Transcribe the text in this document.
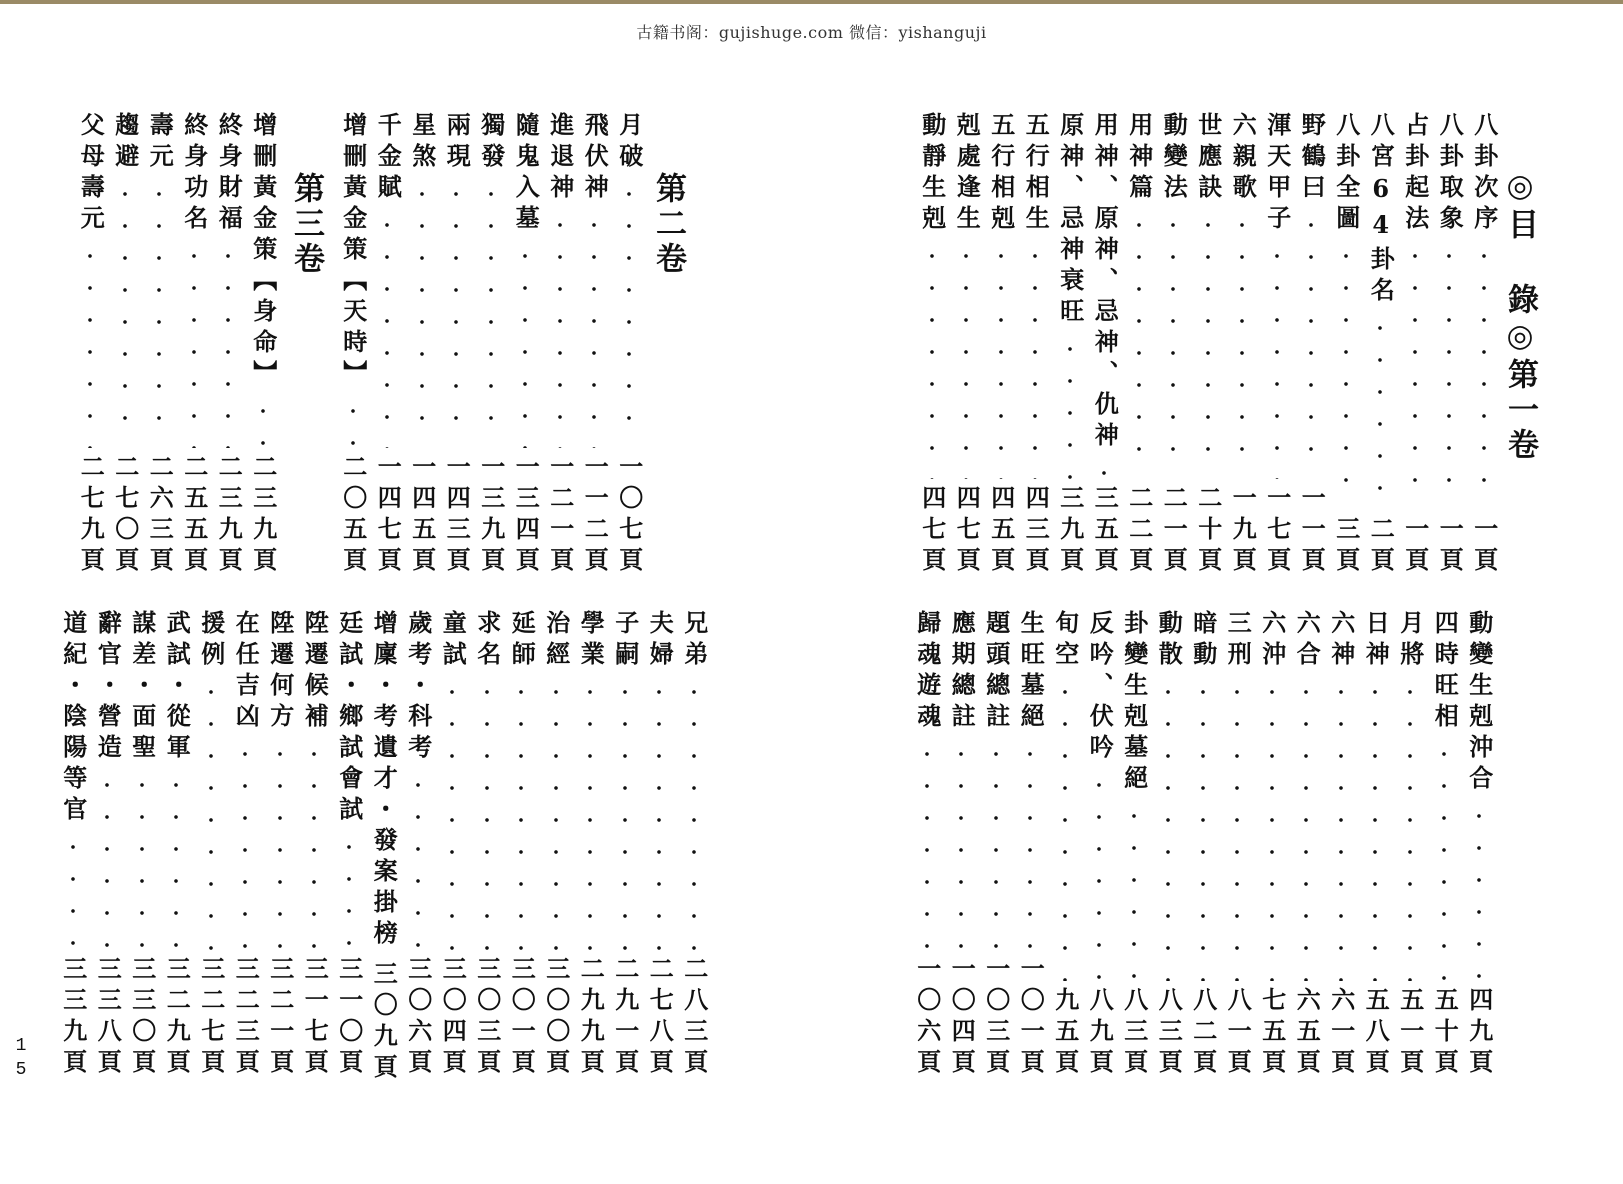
古籍书阁：gujishuge.com 微信：yishanguji
◎目 錄◎第一卷
八卦次序
一頁
八卦取象
一頁
占卦起法
一頁
八宮64卦名
二頁
八卦全圖
三頁
野鶴曰
一一頁
渾天甲子
一七頁
六親歌
一九頁
世應訣
二十頁
動變法
二一頁
用神篇
二二頁
用神、原神、忌神、仇神
三五頁
原神、忌神衰旺
三九頁
五行相生
四三頁
五行相剋
四五頁
剋處逢生
四七頁
動靜生剋
四七頁
動變生剋沖合
四九頁
四時旺相
五十頁
月將
五一頁
日神
五八頁
六神
六一頁
六合
六五頁
六沖
七五頁
三刑
八一頁
暗動
八二頁
動散
八三頁
卦變生剋墓絕
八三頁
反吟、伏吟
八九頁
旬空
九五頁
生旺墓絕
一〇一頁
題頭總註
一〇三頁
應期總註
一〇四頁
歸魂遊魂
一〇六頁
第二卷
月破
一〇七頁
飛伏神
一一二頁
進退神
一二一頁
隨鬼入墓
一三四頁
獨發
一三九頁
兩現
一四三頁
星煞
一四五頁
千金賦
一四七頁
增刪黃金策【天時】
二〇五頁
第三卷
增刪黃金策【身命】
二三九頁
終身財福
二三九頁
終身功名
二五五頁
壽元
二六三頁
趨避
二七〇頁
父母壽元
二七九頁
兄弟
二八三頁
夫婦
二七八頁
子嗣
二九一頁
學業
二九九頁
治經
三〇〇頁
延師
三〇一頁
求名
三〇三頁
童試
三〇四頁
歲考・科考
三〇六頁
增廩・考遺才・發案掛榜
三〇九頁
廷試・鄉試會試
三一〇頁
陞遷候補
三一七頁
陞遷何方
三二一頁
在任吉凶
三二三頁
援例
三二七頁
武試・從軍
三二九頁
謀差・面聖
三三〇頁
辭官・營造
三三八頁
道紀・陰陽等官
三三九頁
15
